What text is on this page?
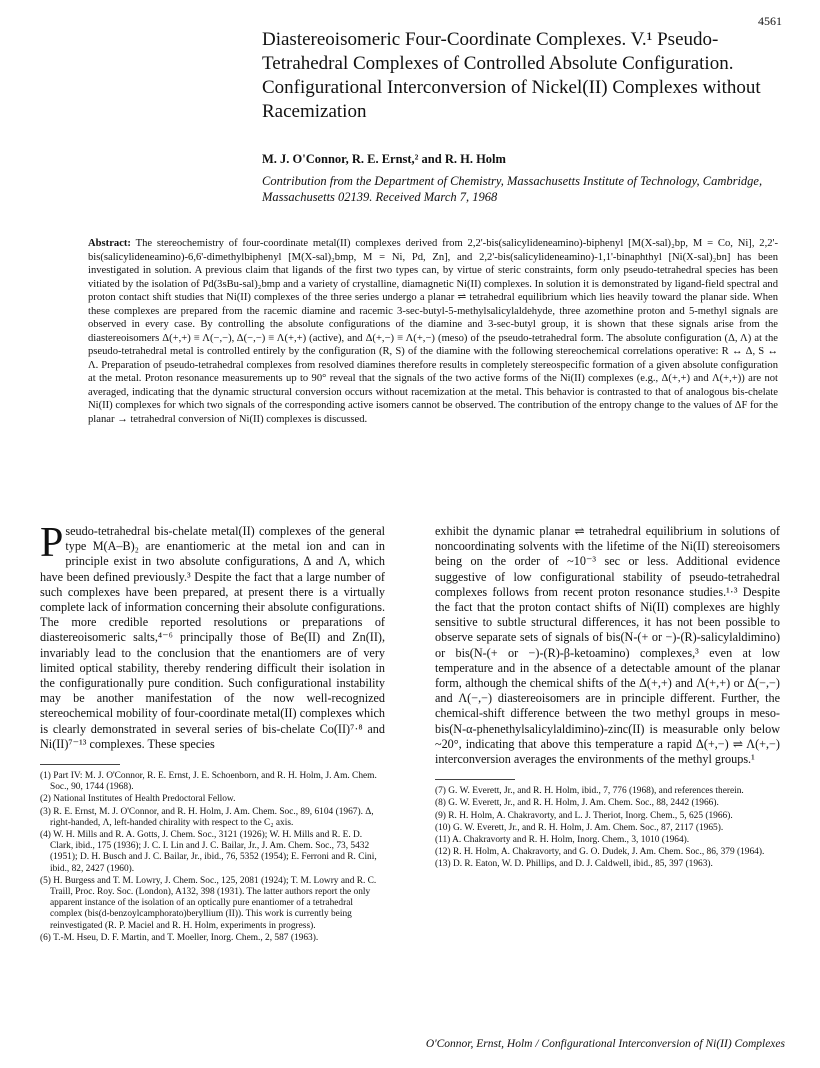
4561
Diastereoisomeric Four-Coordinate Complexes. V.¹ Pseudo-Tetrahedral Complexes of Controlled Absolute Configuration. Configurational Interconversion of Nickel(II) Complexes without Racemization
M. J. O'Connor, R. E. Ernst,² and R. H. Holm
Contribution from the Department of Chemistry, Massachusetts Institute of Technology, Cambridge, Massachusetts 02139. Received March 7, 1968

Abstract: The stereochemistry of four-coordinate metal(II) complexes derived from 2,2'-bis(salicylideneamino)-biphenyl [M(X-sal)₂bp, M = Co, Ni], 2,2'-bis(salicylideneamino)-6,6'-dimethylbiphenyl [M(X-sal)₂bmp, M = Ni, Pd, Zn], and 2,2'-bis(salicylideneamino)-1,1'-binaphthyl [Ni(X-sal)₂bn] has been investigated in solution. A previous claim that ligands of the first two types can, by virtue of steric constraints, form only pseudo-tetrahedral species has been vitiated by the isolation of Pd(3sBu-sal)₂bmp and a variety of crystalline, diamagnetic Ni(II) complexes. In solution it is demonstrated by ligand-field spectral and proton contact shift studies that Ni(II) complexes of the three series undergo a planar ⇌ tetrahedral equilibrium which lies heavily toward the planar side. When these complexes are prepared from the racemic diamine and racemic 3-sec-butyl-5-methylsalicylaldehyde, three azomethine proton and 5-methyl signals are observed in every case. By controlling the absolute configurations of the diamine and 3-sec-butyl group, it is shown that these signals arise from the diastereoisomers Δ(+,+) ≡ Λ(−,−), Δ(−,−) ≡ Λ(+,+) (active), and Δ(+,−) ≡ Λ(+,−) (meso) of the pseudo-tetrahedral form. The absolute configuration (Δ, Λ) at the pseudo-tetrahedral metal is controlled entirely by the configuration (R, S) of the diamine with the following stereochemical correlations operative: R ↔ Δ, S ↔ Λ. Preparation of pseudo-tetrahedral complexes from resolved diamines therefore results in completely stereospecific formation of a given absolute configuration at the metal. Proton resonance measurements up to 90° reveal that the signals of the two active forms of the Ni(II) complexes (e.g., Δ(+,+) and Λ(+,+)) are not averaged, indicating that the dynamic structural conversion occurs without racemization at the metal. This behavior is contrasted to that of analogous bis-chelate Ni(II) complexes for which two signals of the corresponding active isomers cannot be observed. The contribution of the entropy change to the values of ΔF for the planar → tetrahedral conversion of Ni(II) complexes is discussed.

Pseudo-tetrahedral bis-chelate metal(II) complexes of the general type M(A–B)₂ are enantiomeric at the metal ion and can in principle exist in two absolute configurations, Δ and Λ, which have been defined previously.³ Despite the fact that a large number of such complexes have been prepared, at present there is a virtually complete lack of information concerning their absolute configurations. The more credible reported resolutions or preparations of diastereoisomeric salts,⁴⁻⁶ principally those of Be(II) and Zn(II), invariably lead to the conclusion that the enantiomers are of very limited optical stability, thereby rendering difficult their isolation in the configurationally pure condition. Such configurational instability may be another manifestation of the now well-recognized stereochemical mobility of four-coordinate metal(II) complexes which is clearly demonstrated in several series of bis-chelate Co(II)⁷·⁸ and Ni(II)⁷⁻¹³ complexes. These species

(1) Part IV: M. J. O'Connor, R. E. Ernst, J. E. Schoenborn, and R. H. Holm, J. Am. Chem. Soc., 90, 1744 (1968).
(2) National Institutes of Health Predoctoral Fellow.
(3) R. E. Ernst, M. J. O'Connor, and R. H. Holm, J. Am. Chem. Soc., 89, 6104 (1967). Δ, right-handed, Λ, left-handed chirality with respect to the C₂ axis.
(4) W. H. Mills and R. A. Gotts, J. Chem. Soc., 3121 (1926); W. H. Mills and R. E. D. Clark, ibid., 175 (1936); J. C. I. Lin and J. C. Bailar, Jr., J. Am. Chem. Soc., 73, 5432 (1951); D. H. Busch and J. C. Bailar, Jr., ibid., 76, 5352 (1954); E. Ferroni and R. Cini, ibid., 82, 2427 (1960).
(5) H. Burgess and T. M. Lowry, J. Chem. Soc., 125, 2081 (1924); T. M. Lowry and R. C. Traill, Proc. Roy. Soc. (London), A132, 398 (1931). The latter authors report the only apparent instance of the isolation of an optically pure enantiomer of a tetrahedral complex (bis(d-benzoylcamphorato)beryllium (II)). This work is currently being reinvestigated (R. P. Maciel and R. H. Holm, experiments in progress).
(6) T.-M. Hseu, D. F. Martin, and T. Moeller, Inorg. Chem., 2, 587 (1963).

exhibit the dynamic planar ⇌ tetrahedral equilibrium in solutions of noncoordinating solvents with the lifetime of the Ni(II) stereoisomers being on the order of ~10⁻³ sec or less. Additional evidence suggestive of low configurational stability of pseudo-tetrahedral complexes follows from recent proton resonance studies.¹·³ Despite the fact that the proton contact shifts of Ni(II) complexes are highly sensitive to subtle structural differences, it has not been possible to observe separate sets of signals of bis(N-(+ or −)-(R)-salicylaldimino) or bis(N-(+ or −)-(R)-β-ketoamino) complexes,³ even at low temperature and in the absence of a detectable amount of the planar form, although the chemical shifts of the Δ(+,+) and Λ(+,+) or Δ(−,−) and Λ(−,−) diastereoisomers are in principle different. Further, the chemical-shift difference between the two methyl groups in meso-bis(N-α-phenethylsalicylaldimino)-zinc(II) is measurable only below ~20°, indicating that above this temperature a rapid Δ(+,−) ⇌ Λ(+,−) interconversion averages the environments of the methyl groups.¹

(7) G. W. Everett, Jr., and R. H. Holm, ibid., 7, 776 (1968), and references therein.
(8) G. W. Everett, Jr., and R. H. Holm, J. Am. Chem. Soc., 88, 2442 (1966).
(9) R. H. Holm, A. Chakravorty, and L. J. Theriot, Inorg. Chem., 5, 625 (1966).
(10) G. W. Everett, Jr., and R. H. Holm, J. Am. Chem. Soc., 87, 2117 (1965).
(11) A. Chakravorty and R. H. Holm, Inorg. Chem., 3, 1010 (1964).
(12) R. H. Holm, A. Chakravorty, and G. O. Dudek, J. Am. Chem. Soc., 86, 379 (1964).
(13) D. R. Eaton, W. D. Phillips, and D. J. Caldwell, ibid., 85, 397 (1963).
O'Connor, Ernst, Holm / Configurational Interconversion of Ni(II) Complexes
